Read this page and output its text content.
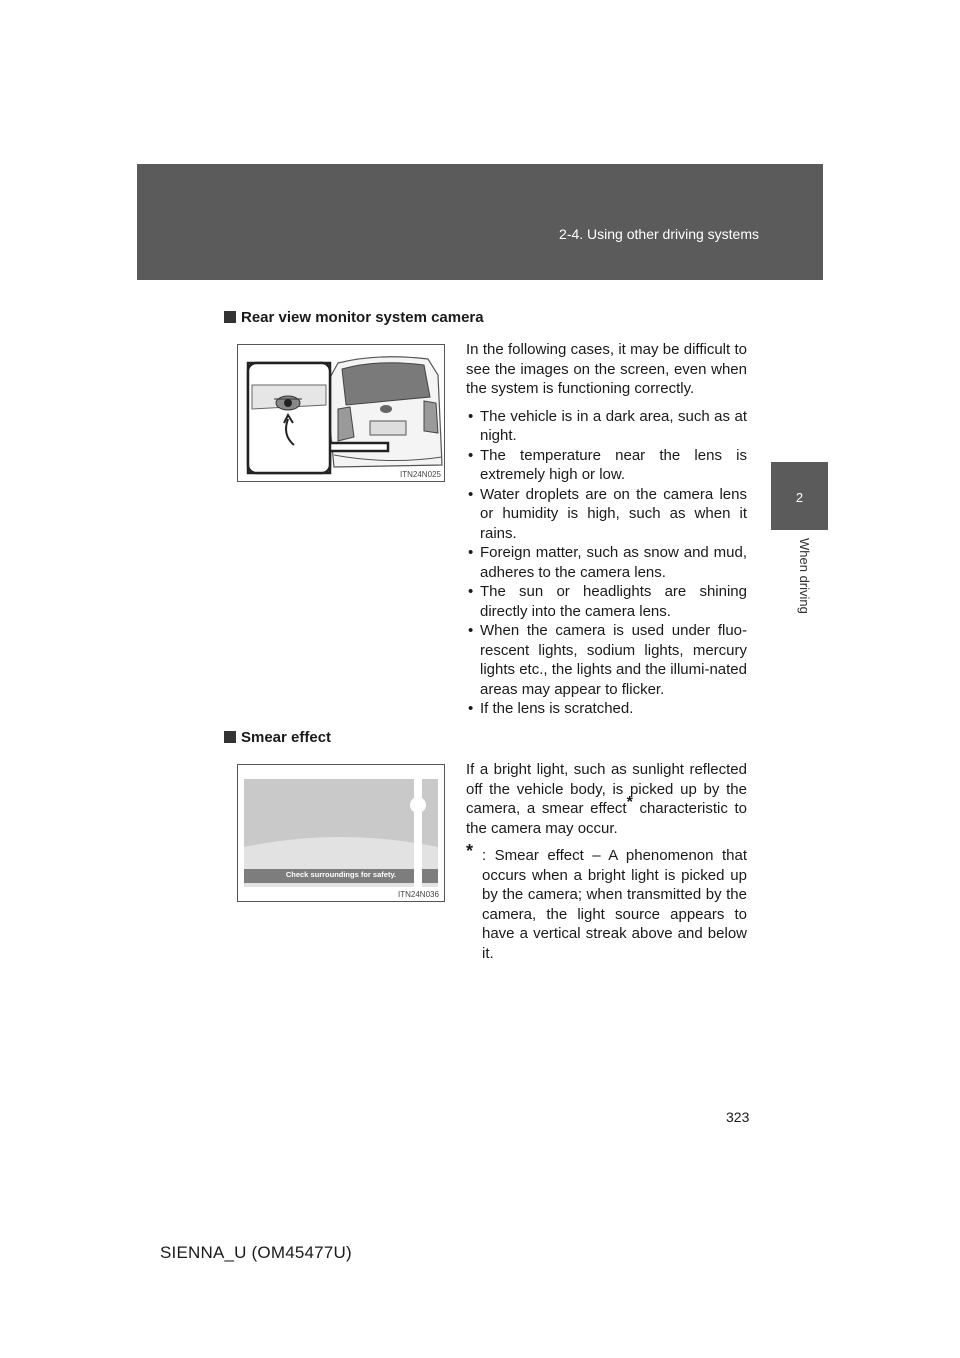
2-4. Using other driving systems
2
When driving
Rear view monitor system camera
ITN24N025

In the following cases, it may be difficult to see the images on the screen, even when the system is functioning correctly.

• The vehicle is in a dark area, such as at night.
• The temperature near the lens is extremely high or low.
• Water droplets are on the camera lens or humidity is high, such as when it rains.
• Foreign matter, such as snow and mud, adheres to the camera lens.
• The sun or headlights are shining directly into the camera lens.
• When the camera is used under fluo-rescent lights, sodium lights, mercury lights etc., the lights and the illumi-nated areas may appear to flicker.
• If the lens is scratched.
Smear effect
Check surroundings for safety.
ITN24N036

If a bright light, such as sunlight reflected off the vehicle body, is picked up by the camera, a smear effect* characteristic to the camera may occur.

* : Smear effect – A phenomenon that occurs when a bright light is picked up by the camera; when transmitted by the camera, the light source appears to have a vertical streak above and below it.
323
SIENNA_U (OM45477U)
